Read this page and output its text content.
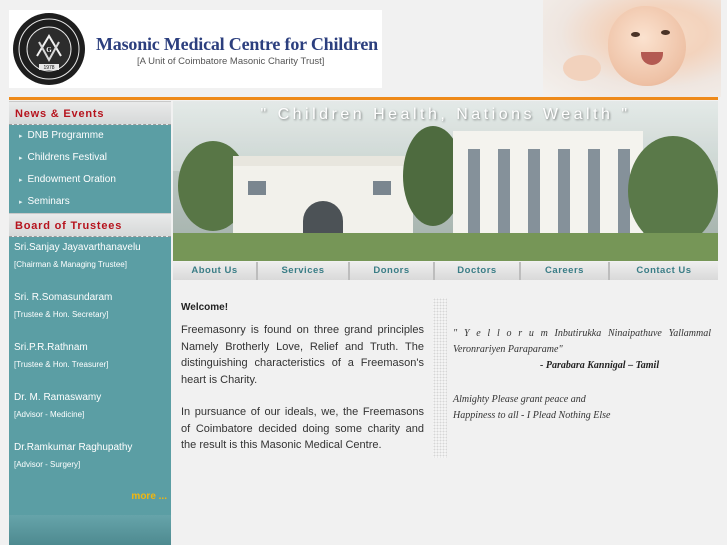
G
1978
Masonic Medical Centre for Children
[A Unit of Coimbatore Masonic Charity Trust]
News & Events
▸ DNB Programme
▸ Childrens Festival
▸ Endowment Oration
▸ Seminars
Board of Trustees
Sri.Sanjay Jayavarthanavelu
[Chairman & Managing Trustee]
Sri. R.Somasundaram
[Trustee & Hon. Secretary]
Sri.P.R.Rathnam
[Trustee & Hon. Treasurer]
Dr. M. Ramaswamy
[Advisor - Medicine]
Dr.Ramkumar Raghupathy
[Advisor - Surgery]
more ...
" Children Health, Nations Wealth "
About Us	Services	Donors	Doctors	Careers	Contact Us
Welcome!
Freemasonry is found on three grand principles Namely Brotherly Love, Relief and Truth. The distinguishing characteristics of a Freemason's heart is Charity.
In pursuance of our ideals, we, the Freemasons of Coimbatore decided doing some charity and the result is this Masonic Medical Centre.
" Y e l l o r u m Inbutirukka Ninaipathuve Yallammal Veronrariyen Paraparame"
- Parabara Kannigal – Tamil
Almighty Please grant peace and
Happiness to all - I Plead Nothing Else
